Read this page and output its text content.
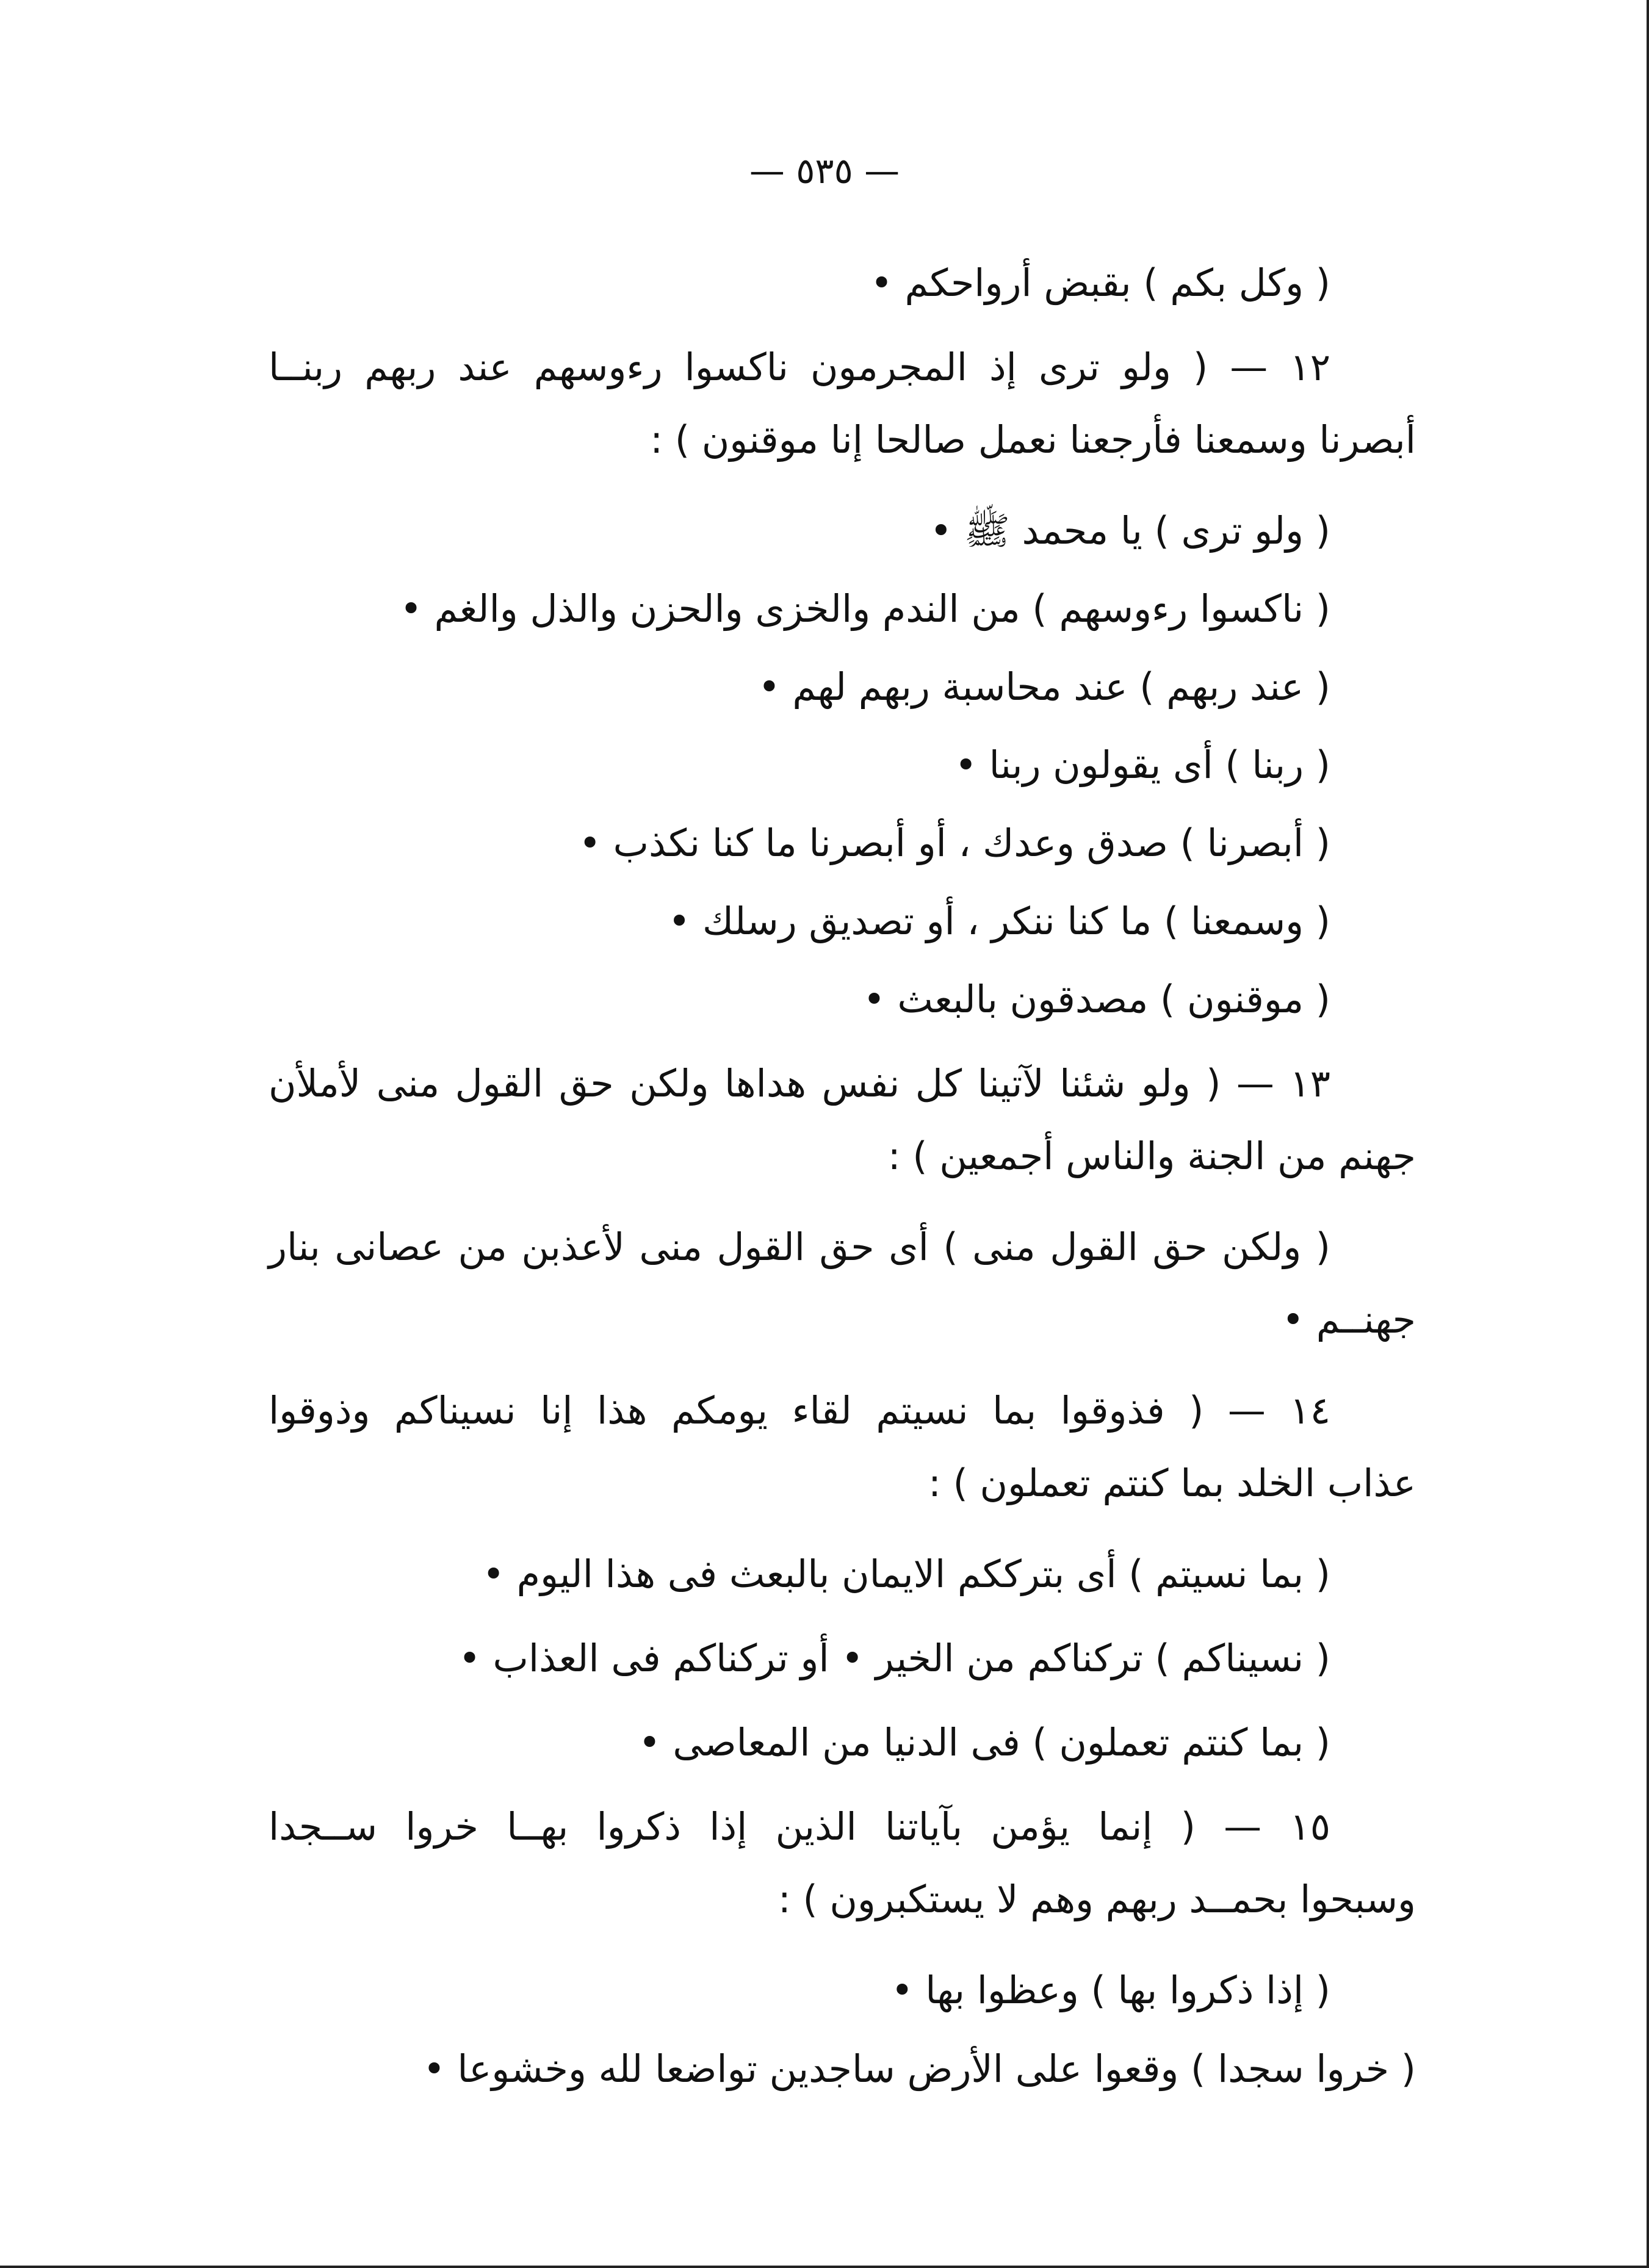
— ٥٣٥ —
( وكل بكم ) بقبض أرواحكم •
١٢ — ( ولو ترى إذ المجرمون ناكسوا رءوسهم عند ربهم ربنــا
أبصرنا وسمعنا فأرجعنا نعمل صالحا إنا موقنون ) :
( ولو ترى ) يا محمد ﷺ •
( ناكسوا رءوسهم ) من الندم والخزى والحزن والذل والغم •
( عند ربهم ) عند محاسبة ربهم لهم •
( ربنا ) أى يقولون ربنا •
( أبصرنا ) صدق وعدك ، أو أبصرنا ما كنا نكذب •
( وسمعنا ) ما كنا ننكر ، أو تصديق رسلك •
( موقنون ) مصدقون بالبعث •
١٣ — ( ولو شئنا لآتينا كل نفس هداها ولكن حق القول منى لأملأن
جهنم من الجنة والناس أجمعين ) :
( ولكن حق القول منى ) أى حق القول منى لأعذبن من عصانى بنار
جهنــم •
١٤ — ( فذوقوا بما نسيتم لقاء يومكم هذا إنا نسيناكم وذوقوا
عذاب الخلد بما كنتم تعملون ) :
( بما نسيتم ) أى بترككم الايمان بالبعث فى هذا اليوم •
( نسيناكم ) تركناكم من الخير • أو تركناكم فى العذاب •
( بما كنتم تعملون ) فى الدنيا من المعاصى •
١٥ — ( إنما يؤمن بآياتنا الذين إذا ذكروا بهــا خروا ســجدا
وسبحوا بحمــد ربهم وهم لا يستكبرون ) :
( إذا ذكروا بها ) وعظوا بها •
( خروا سجدا ) وقعوا على الأرض ساجدين تواضعا لله وخشوعا •
